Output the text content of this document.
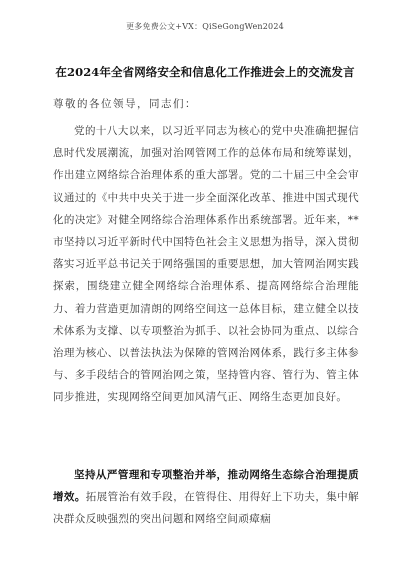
更多免费公文+VX：QiSeGongWen2024
在2024年全省网络安全和信息化工作推进会上的交流发言
尊敬的各位领导，同志们：

党的十八大以来，以习近平同志为核心的党中央准确把握信息时代发展潮流，加强对治网管网工作的总体布局和统筹谋划，作出建立网络综合治理体系的重大部署。党的二十届三中全会审议通过的《中共中央关于进一步全面深化改革、推进中国式现代化的决定》对健全网络综合治理体系作出系统部署。近年来，**市坚持以习近平新时代中国特色社会主义思想为指导，深入贯彻落实习近平总书记关于网络强国的重要思想，加大管网治网实践探索，围绕建立健全网络综合治理体系、提高网络综合治理能力、着力营造更加清朗的网络空间这一总体目标，建立健全以技术体系为支撑、以专项整治为抓手、以社会协同为重点、以综合治理为核心、以普法执法为保障的管网治网体系，践行多主体参与、多手段结合的管网治网之策，坚持管内容、管行为、管主体同步推进，实现网络空间更加风清气正、网络生态更加良好。

坚持从严管理和专项整治并举，推动网络生态综合治理提质增效。拓展管治有效手段，在管得住、用得好上下功夫，集中解决群众反映强烈的突出问题和网络空间顽瘴痼
